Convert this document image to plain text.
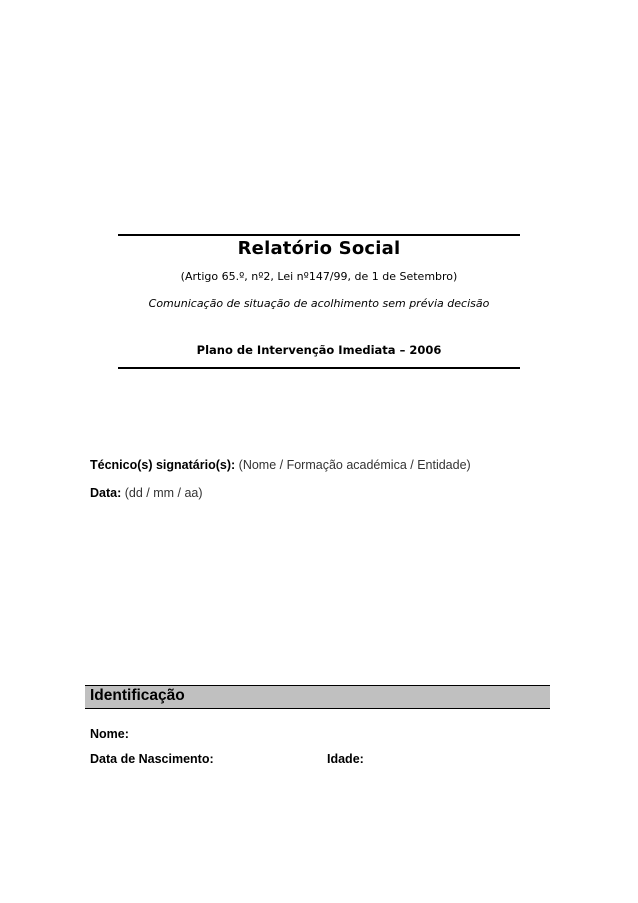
Relatório Social
(Artigo 65.º, nº2, Lei nº147/99, de 1 de Setembro)
Comunicação de situação de acolhimento sem prévia decisão
Plano de Intervenção Imediata – 2006
Técnico(s) signatário(s): (Nome / Formação académica / Entidade)
Data: (dd / mm / aa)
Identificação
Nome:
Data de Nascimento:	Idade:
